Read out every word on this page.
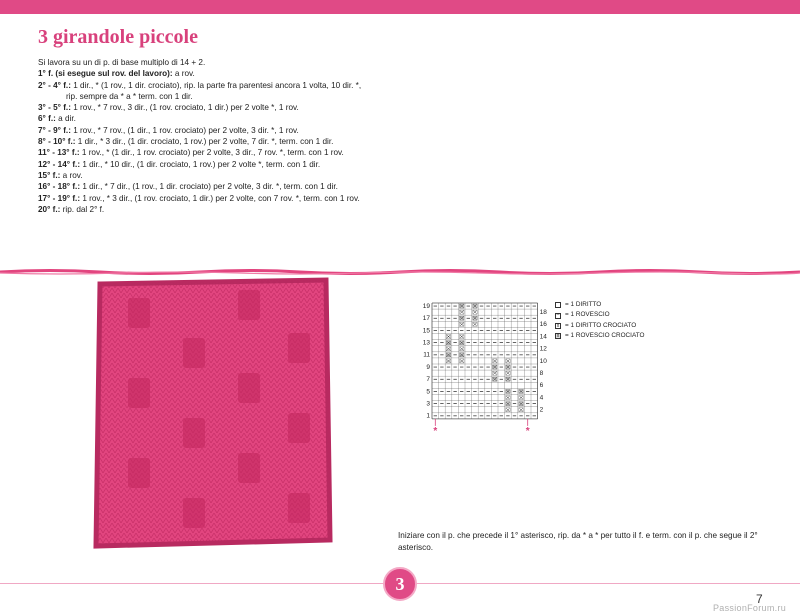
3 girandole piccole
Si lavora su un di p. di base multiplo di 14 + 2.
1° f. (si esegue sul rov. del lavoro): a rov.
2° - 4° f.: 1 dir., * (1 rov., 1 dir. crociato), rip. la parte fra parentesi ancora 1 volta, 10 dir. *,
rip. sempre da * a * term. con 1 dir.
3° - 5° f.: 1 rov., * 7 rov., 3 dir., (1 rov. crociato, 1 dir.) per 2 volte *, 1 rov.
6° f.: a dir.
7° - 9° f.: 1 rov., * 7 rov., (1 dir., 1 rov. crociato) per 2 volte, 3 dir. *, 1 rov.
8° - 10° f.: 1 dir., * 3 dir., (1 dir. crociato, 1 rov.) per 2 volte, 7 dir. *, term. con 1 dir.
11° - 13° f.: 1 rov., * (1 dir., 1 rov. crociato) per 2 volte, 3 dir., 7 rov. *, term. con 1 rov.
12° - 14° f.: 1 dir., * 10 dir., (1 dir. crociato, 1 rov.) per 2 volte *, term. con 1 dir.
15° f.: a rov.
16° - 18° f.: 1 dir., * 7 dir., (1 rov., 1 dir. crociato) per 2 volte, 3 dir. *, term. con 1 dir.
17° - 19° f.: 1 rov., * 3 dir., (1 rov. crociato, 1 dir.) per 2 volte, con 7 rov. *, term. con 1 rov.
20° f.: rip. dal 2° f.
19
17
15
13
11
9
7
5
3
1
18
16
14
12
10
8
6
4
2
*	*
= 1 DIRITTO
– = 1 ROVESCIO
x = 1 DIRITTO CROCIATO
x = 1 ROVESCIO CROCIATO
Iniziare con il p. che precede il 1° asterisco, rip. da * a * per tutto il f. e term. con il p. che segue il 2° asterisco.
3
7
PassionForum.ru
